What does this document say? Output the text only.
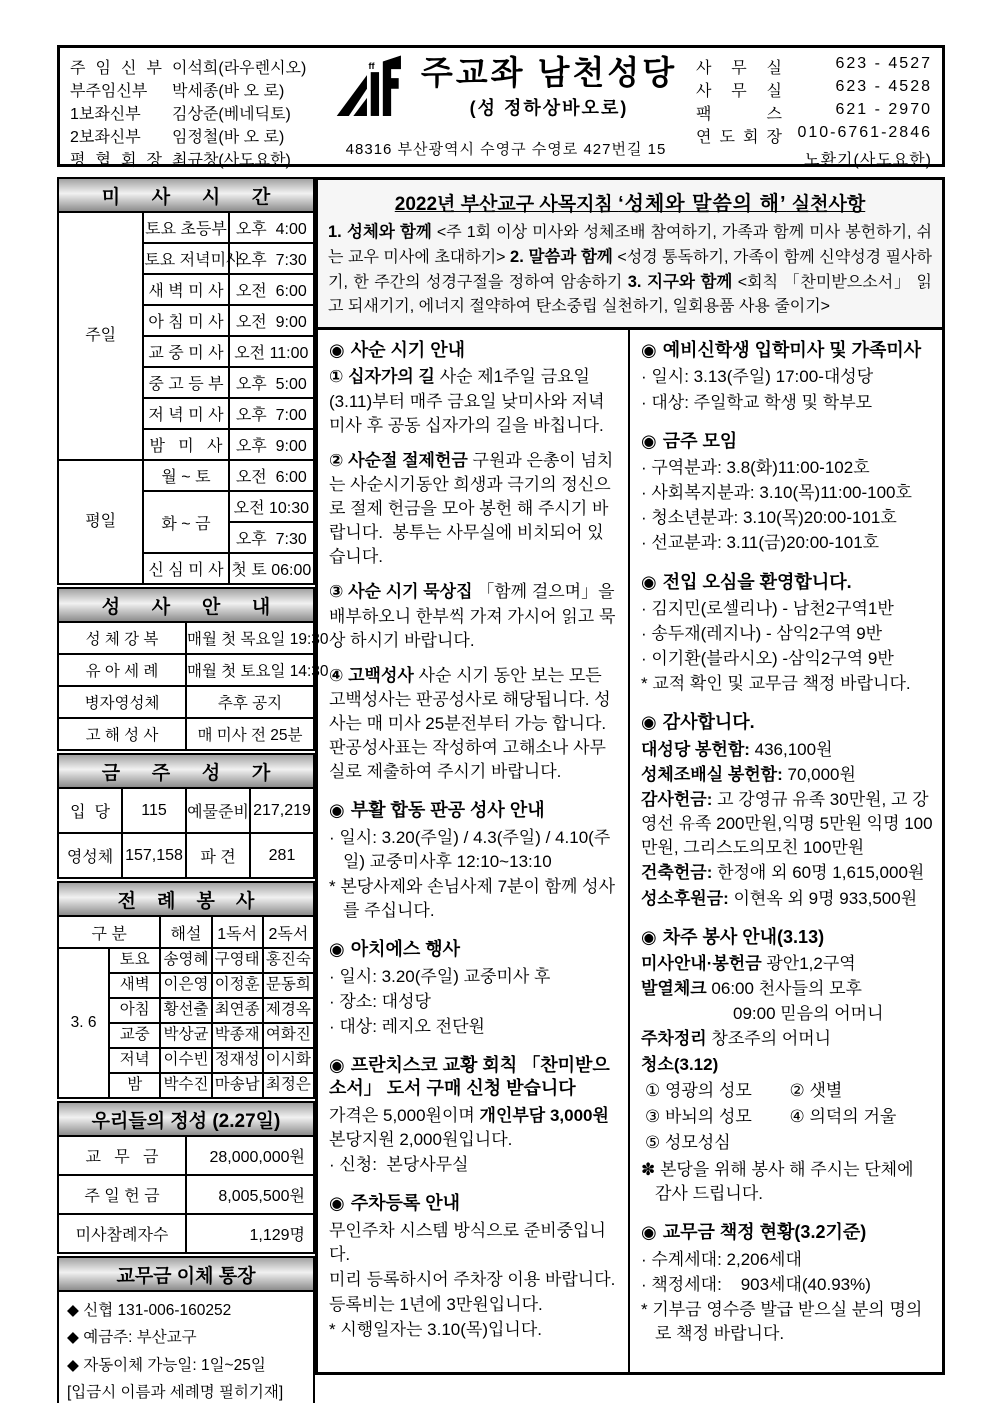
주 임 신 부 이석희(라우렌시오)
부주임신부	박세종(바 오 로)
1보좌신부	김상준(베네딕토)
2보좌신부	임정철(바 오 로)
평 협 회 장 최규창(사도요한)
ff 주교좌 남천성당
(성 정하상바오로)
48316 부산광역시 수영구 수영로 427번길 15
사 무 실	623 - 4527
사 무 실	623 - 4528
팩 스	621 - 2970
연 도 회 장 010-6761-2846
노환기(사도요한)
미      사      시      간		
주일	토요 초등부	오후  4:00
	토요 저녁미사	오후  7:30
	새 벽 미 사	오전  6:00
	아 침 미 사	오전  9:00
	교 중 미 사	오전 11:00
	중 고 등 부	오후  5:00
	저 녁 미 사	오후  7:00
	밤   미   사	오후  9:00
평일	월 ~ 토	오전  6:00
	화 ~ 금	오전 10:30
		오후  7:30
	신 심 미 사	첫 토 06:00
성      사      안      내	
성 체 강 복	매월 첫 목요일 19:30
유 아 세 례	매월 첫 토요일 14:30
병자영성체	추후 공지
고 해 성 사	매 미사 전 25분
금      주      성      가			
입  당	115	예물준비	217,219
영성체	157,158	파 견	281
전    례    봉    사				
구 분		해설	1독서	2독서
3. 6	토요	송영혜	구영태	홍진숙
	새벽	이은영	이정훈	문동희
	아침	황선출	최연종	제경옥
	교중	박상균	박종재	여화진
	저녁	이수빈	정재성	이시화
	밤	박수진	마송남	최정은
우리들의 정성 (2.27일)	
교   무   금	28,000,000원
주 일 헌 금	8,005,500원
미사참례자수	1,129명
교무금 이체 통장
◆ 신협 131-006-160252
◆ 예금주: 부산교구
◆ 자동이체 가능일: 1일~25일
[입금시 이름과 세례명 필히기재]
2022년 부산교구 사목지침 ‘성체와 말씀의 해’ 실천사항
1. 성체와 함께 <주 1회 이상 미사와 성체조배 참여하기, 가족과 함께 미사 봉헌하기, 쉬는 교우 미사에 초대하기> 2. 말씀과 함께 <성경 통독하기, 가족이 함께 신약성경 필사하기, 한 주간의 성경구절을 정하여 암송하기 3. 지구와 함께 <회칙 「찬미받으소서」 읽고 되새기기, 에너지 절약하여 탄소중립 실천하기, 일회용품 사용 줄이기>
◉ 사순 시기 안내

① 십자가의 길 사순 제1주일 금요일 (3.11)부터 매주 금요일 낮미사와 저녁 미사 후 공동 십자가의 길을 바칩니다.

② 사순절 절제헌금 구원과 은총이 넘치는 사순시기동안 희생과 극기의 정신으로 절제 헌금을 모아 봉헌 해 주시기 바랍니다.  봉투는 사무실에 비치되어 있습니다.

③ 사순 시기 묵상집 「함께 걸으며」을 배부하오니 한부씩 가져 가시어 읽고 묵상 하시기 바랍니다.

④ 고백성사 사순 시기 동안 보는 모든 고백성사는 판공성사로 해당됩니다. 성사는 매 미사 25분전부터 가능 합니다. 판공성사표는 작성하여 고해소나 사무실로 제출하여 주시기 바랍니다.

◉ 부활 합동 판공 성사 안내

· 일시: 3.20(주일) / 4.3(주일) / 4.10(주일) 교중미사후 12:10~13:10

* 본당사제와 손님사제 7분이 함께 성사를 주십니다.

◉ 아치에스 행사

· 일시: 3.20(주일) 교중미사 후

· 장소: 대성당

· 대상: 레지오 전단원

◉ 프란치스코 교황 회칙 「찬미받으소서」 도서 구매 신청 받습니다

가격은 5,000원이며 개인부담 3,000원 본당지원 2,000원입니다.

· 신청:  본당사무실

◉ 주차등록 안내

무인주차 시스템 방식으로 준비중입니다.

미리 등록하시어 주차장 이용 바랍니다.

등록비는 1년에 3만원입니다.

* 시행일자는 3.10(목)입니다.

◉ 예비신학생 입학미사 및 가족미사

· 일시: 3.13(주일) 17:00-대성당

· 대상: 주일학교 학생 및 학부모

◉ 금주 모임

· 구역분과: 3.8(화)11:00-102호

· 사회복지분과: 3.10(목)11:00-100호

· 청소년분과: 3.10(목)20:00-101호

· 선교분과: 3.11(금)20:00-101호

◉ 전입 오심을 환영합니다.

· 김지민(로셀리나) - 남천2구역1반

· 송두재(레지나) - 삼익2구역 9반

· 이기환(블라시오) -삼익2구역 9반

* 교적 확인 및 교무금 책정 바랍니다.

◉ 감사합니다.

대성당 봉헌함: 436,100원

성체조배실 봉헌함: 70,000원

감사헌금: 고 강영규 유족 30만원, 고 강영선 유족 200만원,익명 5만원 익명 100만원, 그리스도의모친 100만원

건축헌금: 한정애 외 60명 1,615,000원

성소후원금: 이현옥 외 9명 933,500원

◉ 차주 봉사 안내(3.13)

미사안내·봉헌금 광안1,2구역

발열체크 06:00 천사들의 모후

09:00 믿음의 어머니

주차정리 창조주의 어머니

청소(3.12)

① 영광의 성모	② 샛별
③ 바뇌의 성모	④ 의덕의 거울
⑤ 성모성심

✽ 본당을 위해 봉사 해 주시는 단체에 감사 드립니다.

◉ 교무금 책정 현황(3.2기준)

· 수계세대: 2,206세대

· 책정세대:    903세대(40.93%)

* 기부금 영수증 발급 받으실 분의 명의로 책정 바랍니다.
